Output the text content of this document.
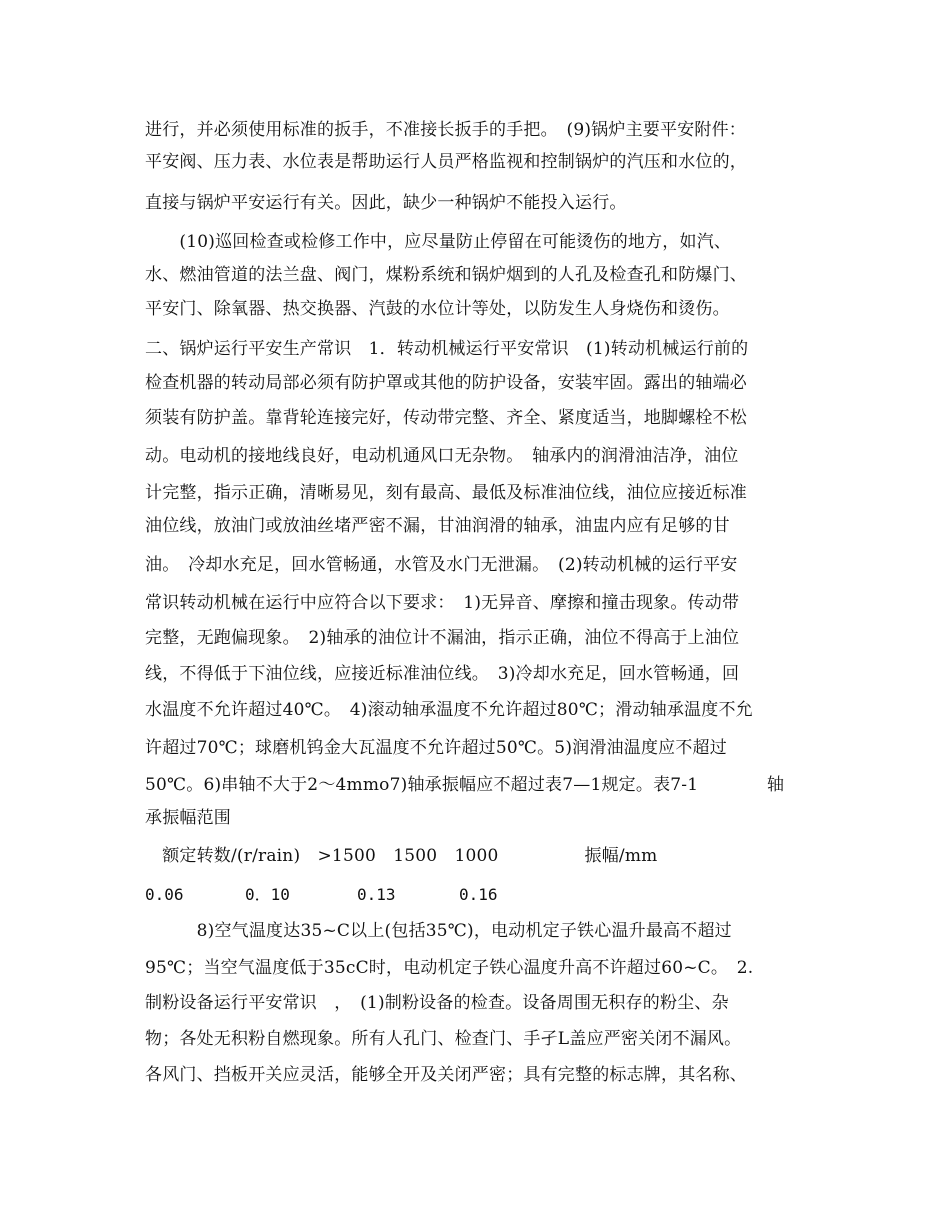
进行，并必须使用标准的扳手，不准接长扳手的手把。　(9)锅炉主要平安附件：
平安阀、压力表、水位表是帮助运行人员严格监视和控制锅炉的汽压和水位的，
直接与锅炉平安运行有关。因此，缺少一种锅炉不能投入运行。
　　(10)巡回检查或检修工作中，应尽量防止停留在可能烫伤的地方，如汽、
水、燃油管道的法兰盘、阀门，煤粉系统和锅炉烟到的人孔及检查孔和防爆门、
平安门、除氧器、热交换器、汽鼓的水位计等处，以防发生人身烧伤和烫伤。
二、锅炉运行平安生产常识　1．转动机械运行平安常识　(1)转动机械运行前的
检查机器的转动局部必须有防护罩或其他的防护设备，安装牢固。露出的轴端必
须装有防护盖。靠背轮连接完好，传动带完整、齐全、紧度适当，地脚螺栓不松
动。电动机的接地线良好，电动机通风口无杂物。　轴承内的润滑油洁净，油位
计完整，指示正确，清晰易见，刻有最高、最低及标准油位线，油位应接近标准
油位线，放油门或放油丝堵严密不漏，甘油润滑的轴承，油盅内应有足够的甘
油。　冷却水充足，回水管畅通，水管及水门无泄漏。　(2)转动机械的运行平安
常识转动机械在运行中应符合以下要求：　1)无异音、摩擦和撞击现象。传动带
完整，无跑偏现象。　2)轴承的油位计不漏油，指示正确，油位不得高于上油位
线，不得低于下油位线，应接近标准油位线。　3)冷却水充足，回水管畅通，回
水温度不允许超过40℃。　4)滚动轴承温度不允许超过80℃；滑动轴承温度不允
许超过70℃；球磨机钨金大瓦温度不允许超过50℃。5)润滑油温度应不超过
50℃。6)串轴不大于2～4mmo7)轴承振幅应不超过表7—1规定。表7-1　　　　轴
承振幅范围
　额定转数/(r/rain)　>1500　1500　1000　　　　　振幅/mm
0.06	0．10	0.13	0.16
　　　8)空气温度达35~C以上(包括35℃)，电动机定子铁心温升最高不超过
95℃；当空气温度低于35cC时，电动机定子铁心温度升高不许超过60~C。　2.
制粉设备运行平安常识　，　(1)制粉设备的检查。设备周围无积存的粉尘、杂
物；各处无积粉自燃现象。所有人孔门、检查门、手孑L盖应严密关闭不漏风。
各风门、挡板开关应灵活，能够全开及关闭严密；具有完整的标志牌，其名称、
